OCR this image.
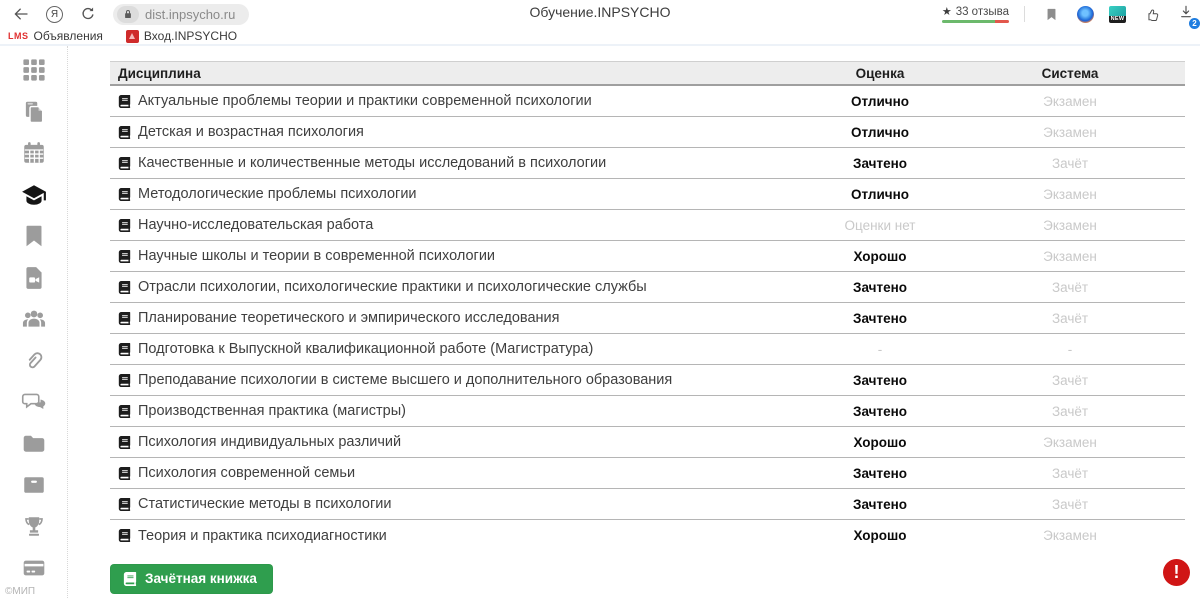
Я	dist.inpsycho.ru	Обучение.INPSYCHO	★ 33 отзыва
NEW	2
LMS Объявления	Вход.INPSYCHO
©МИП
Дисциплина	Оценка	Система
Актуальные проблемы теории и практики современной психологии	Отлично	Экзамен
Детская и возрастная психология	Отлично	Экзамен
Качественные и количественные методы исследований в психологии	Зачтено	Зачёт
Методологические проблемы психологии	Отлично	Экзамен
Научно-исследовательская работа	Оценки нет	Экзамен
Научные школы и теории в современной психологии	Хорошо	Экзамен
Отрасли психологии, психологические практики и психологические службы	Зачтено	Зачёт
Планирование теоретического и эмпирического исследования	Зачтено	Зачёт
Подготовка к Выпускной квалификационной работе (Магистратура)	-	-
Преподавание психологии в системе высшего и дополнительного образования	Зачтено	Зачёт
Производственная практика (магистры)	Зачтено	Зачёт
Психология индивидуальных различий	Хорошо	Экзамен
Психология современной семьи	Зачтено	Зачёт
Статистические методы в психологии	Зачтено	Зачёт
Теория и практика психодиагностики	Хорошо	Экзамен
Зачётная книжка	!
